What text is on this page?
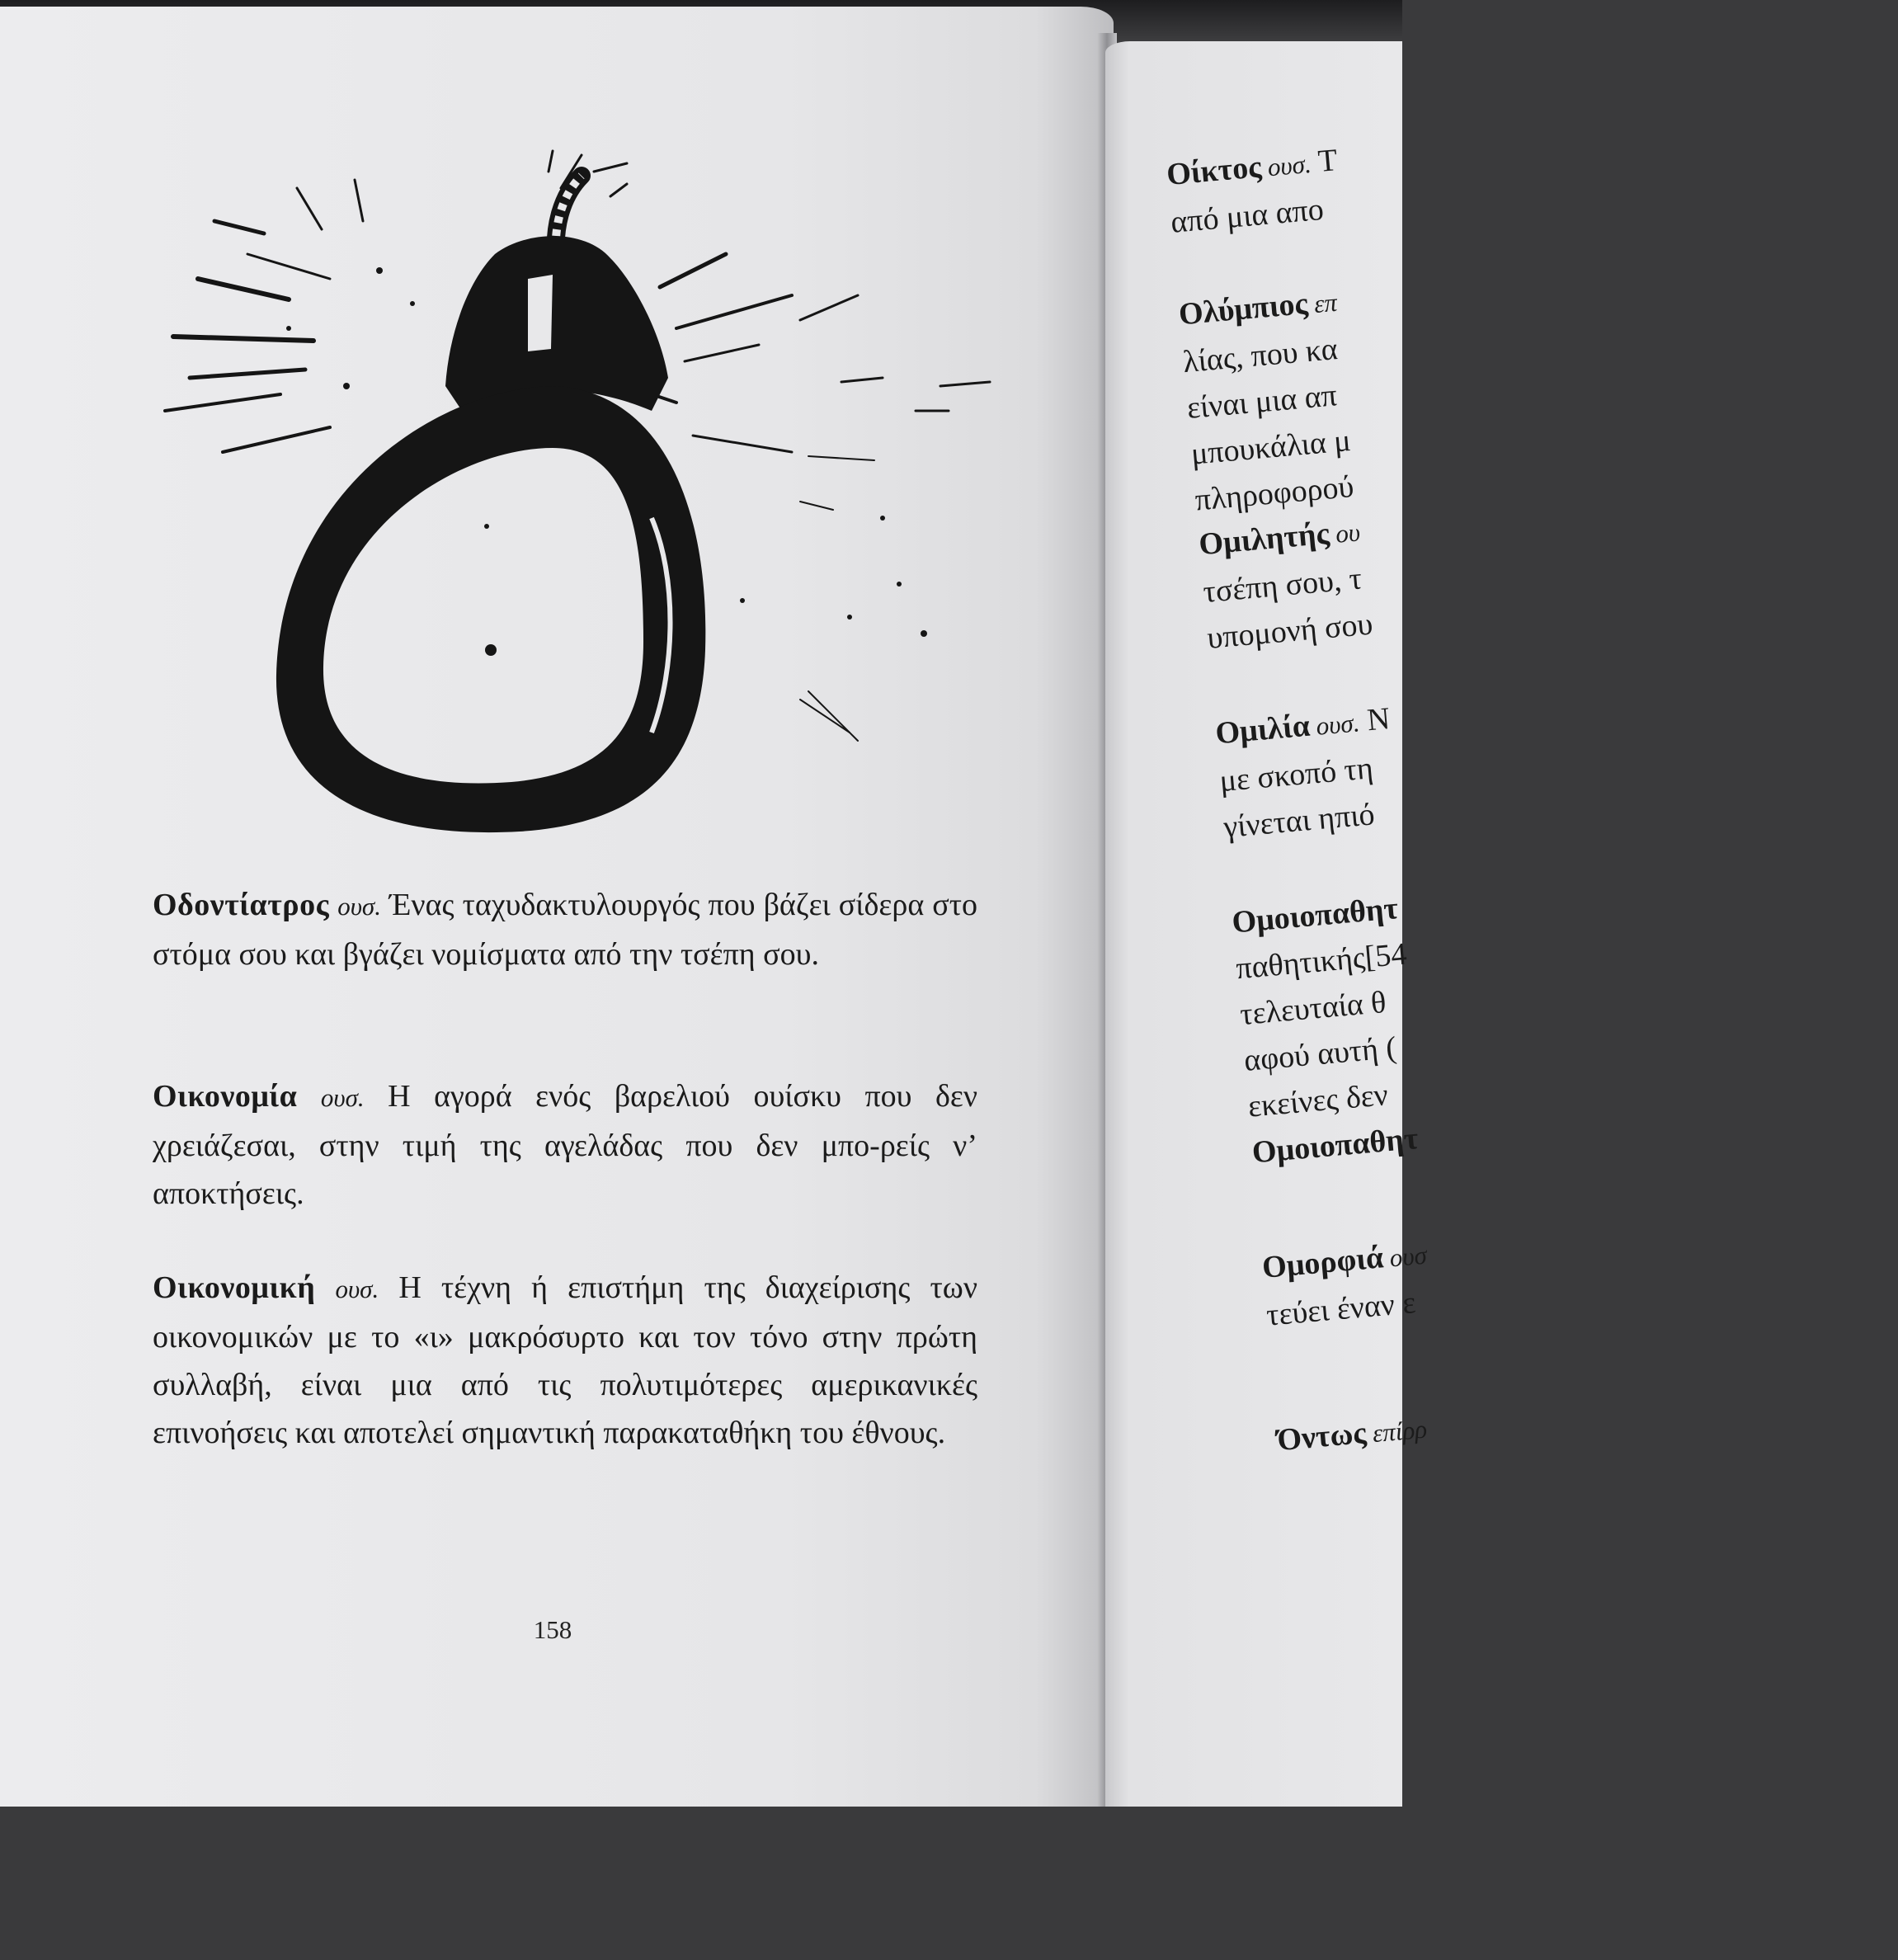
Οδοντίατρος ουσ. Ένας ταχυδακτυλουργός που βάζει σίδερα στο στόμα σου και βγάζει νομίσματα από την τσέπη σου.

Οικονομία ουσ. Η αγορά ενός βαρελιού ουίσκυ που δεν χρειάζεσαι, στην τιμή της αγελάδας που δεν μπο-ρείς ν’ αποκτήσεις.

Οικονομική ουσ. Η τέχνη ή επιστήμη της διαχείρισης των οικονομικών με το «ι» μακρόσυρτο και τον τόνο στην πρώτη συλλαβή, είναι μια από τις πολυτιμότερες αμερικανικές επινοήσεις και αποτελεί σημαντική παρακαταθήκη του έθνους.

158
Οίκτος ουσ. Τ
από μια απο
Ολύμπιος επ
λίας, που κα
είναι μια απ
μπουκάλια μ
πληροφορού
Ομιλητής ου
τσέπη σου, τ
υπομονή σου
Ομιλία ουσ. Ν
με σκοπό τη
γίνεται ηπιό
Ομοιοπαθητ
παθητικής[54
τελευταία θ
αφού αυτή (
εκείνες δεν
Ομοιοπαθητ
Ομορφιά ουσ
τεύει έναν ε
Όντως επίρρ
